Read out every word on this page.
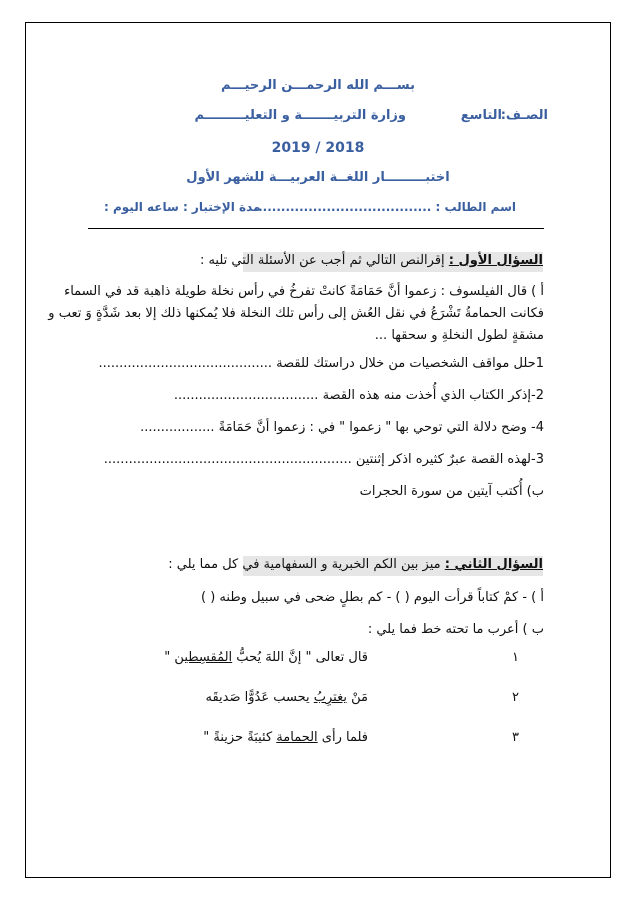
بســـم الله الرحمـــن الرحيـــم
الصـف:
التاسع
وزارة التربيـــــــة و التعليـــــــــم
2019 / 2018
اختبـــــــــار اللغــة العربيـــة للشهر الأول
اسم الطالب : .......................................
مدة الإختبار : ساعه اليوم :
السؤال الأول : إقرالنص التالي ثم أجب عن الأسئلة التي تليه :
أ ) قال الفيلسوف : زعموا أنَّ حَمَامَةً كانتْ تفرخُ في رأس نخلة طويلة ذاهبة قد في السماء
فكانت الحمامةُ تَشْرَعُ في نقل العُش إلى رأس تلك النخلة فلا يُمكنها ذلك إلا بعد شَدَّةٍ وَ تعب و
مشقةٍ لطول النخلةِ و سحقها ...
1حلل مواقف الشخصيات من خلال دراستك للقصة ..........................................
2-إذكر الكتاب الذي أُخذت منه هذه القصة ...................................
4- وضح دلالة التي توحي بها " زعموا " في : زعموا أنَّ حَمَامَةً ..................
3-لهذه القصة عبرٌ كثيره اذكر إثنتين ............................................................
ب) أُكتب آيتين من سورة الحجرات
السؤال الثاني : ميز بين الكم الخبرية و السفهامية في كل مما يلي :
أ ) - كمْ كتاباً قرأت اليوم ( ) - كم بطلٍ ضحى في سبيل وطنه ( )
ب ) أعرب ما تحته خط فما يلي :
١
قال تعالى " إنَّ اللهَ يُحبُّ المُقسِطين "
٢
مَنْ يغترِبُ يحسب عَدُوًّا صَديقَه
٣
فلما رأى الحمامة كئيبَةً حزينةً "
